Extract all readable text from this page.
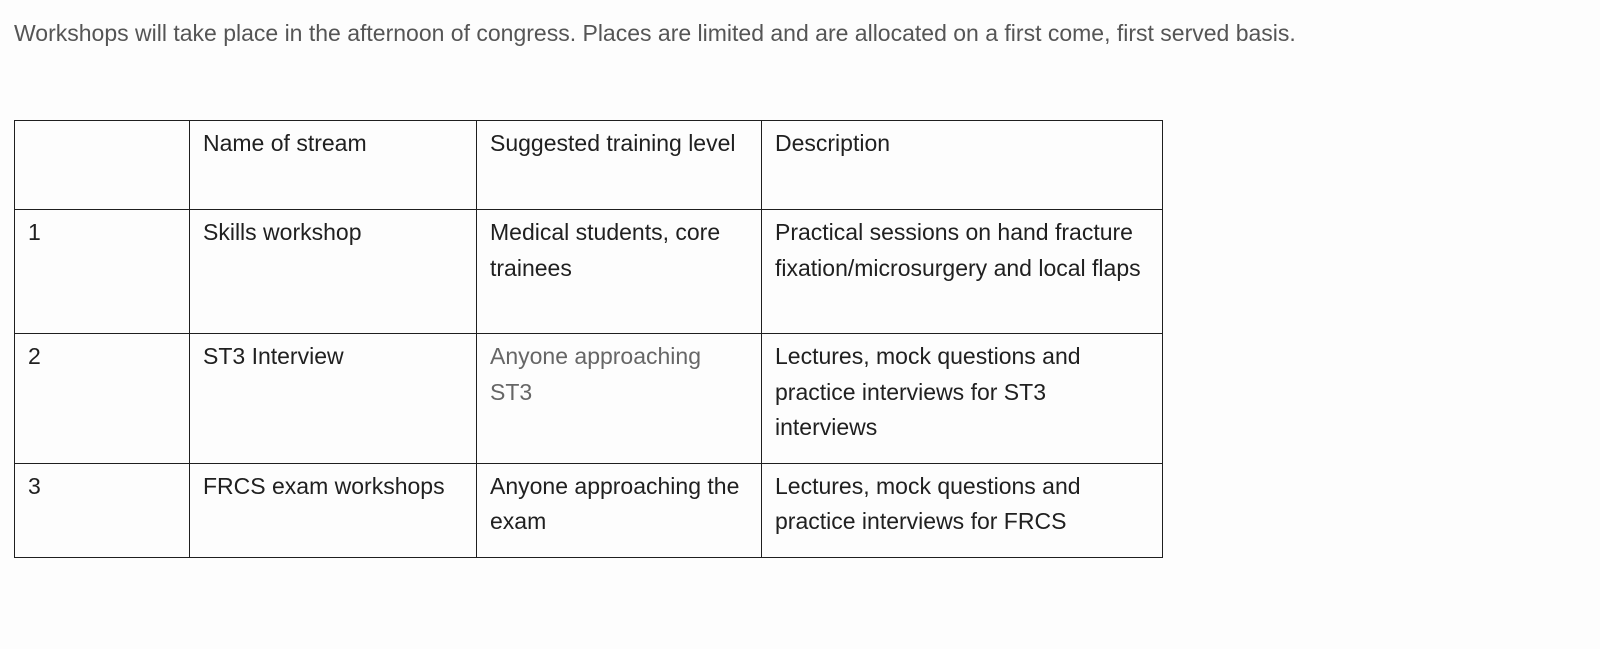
Workshops will take place in the afternoon of congress. Places are limited and are allocated on a first come, first served basis.

	Name of stream	Suggested training level	Description
1	Skills workshop	Medical students, core trainees	Practical sessions on hand fracture fixation/microsurgery and local flaps
2	ST3 Interview	Anyone approaching ST3	Lectures, mock questions and practice interviews for ST3 interviews
3	FRCS exam workshops	Anyone approaching the exam	Lectures, mock questions and practice interviews for FRCS
